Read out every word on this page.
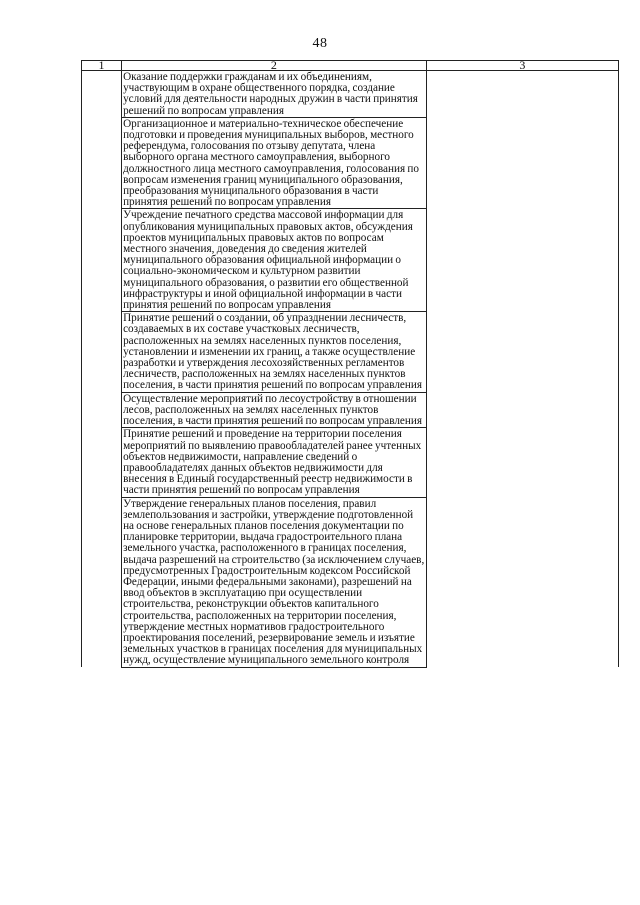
48
1	2	3

	Оказание поддержки гражданам и их объединениям, участвующим в охране общественного порядка, создание условий для деятельности народных дружин в части принятия решений по вопросам управления	

	Организационное и материально-техническое обеспечение подготовки и проведения муниципальных выборов, местного референдума, голосования по отзыву депутата, члена выборного органа местного самоуправления, выборного должностного лица местного самоуправления, голосования по вопросам изменения границ муниципального образования, преобразования муниципального образования в части принятия решений по вопросам управления	

	Учреждение печатного средства массовой информации для опубликования муниципальных правовых актов, обсуждения проектов муниципальных правовых актов по вопросам местного значения, доведения до сведения жителей муниципального образования официальной информации о социально-экономическом и культурном развитии муниципального образования, о развитии его общественной инфраструктуры и иной официальной информации в части принятия решений по вопросам управления	

	Принятие решений о создании, об упразднении лесничеств, создаваемых в их составе участковых лесничеств, расположенных на землях населенных пунктов поселения, установлении и изменении их границ, а также осуществление разработки и утверждения лесохозяйственных регламентов лесничеств, расположенных на землях населенных пунктов поселения, в части принятия решений по вопросам управления	

	Осуществление мероприятий по лесоустройству в отношении лесов, расположенных на землях населенных пунктов поселения, в части принятия решений по вопросам управления	

	Принятие решений и проведение на территории поселения мероприятий по выявлению правообладателей ранее учтенных объектов недвижимости, направление сведений о правообладателях данных объектов недвижимости для внесения в Единый государственный реестр недвижимости в части принятия решений по вопросам управления	

	Утверждение генеральных планов поселения, правил землепользования и застройки, утверждение подготовленной на основе генеральных планов поселения документации по планировке территории, выдача градостроительного плана земельного участка, расположенного в границах поселения, выдача разрешений на строительство (за исключением случаев, предусмотренных Градостроительным кодексом Российской Федерации, иными федеральными законами), разрешений на ввод объектов в эксплуатацию при осуществлении строительства, реконструкции объектов капитального строительства, расположенных на территории поселения, утверждение местных нормативов градостроительного проектирования поселений, резервирование земель и изъятие земельных участков в границах поселения для муниципальных нужд, осуществление муниципального земельного контроля	
